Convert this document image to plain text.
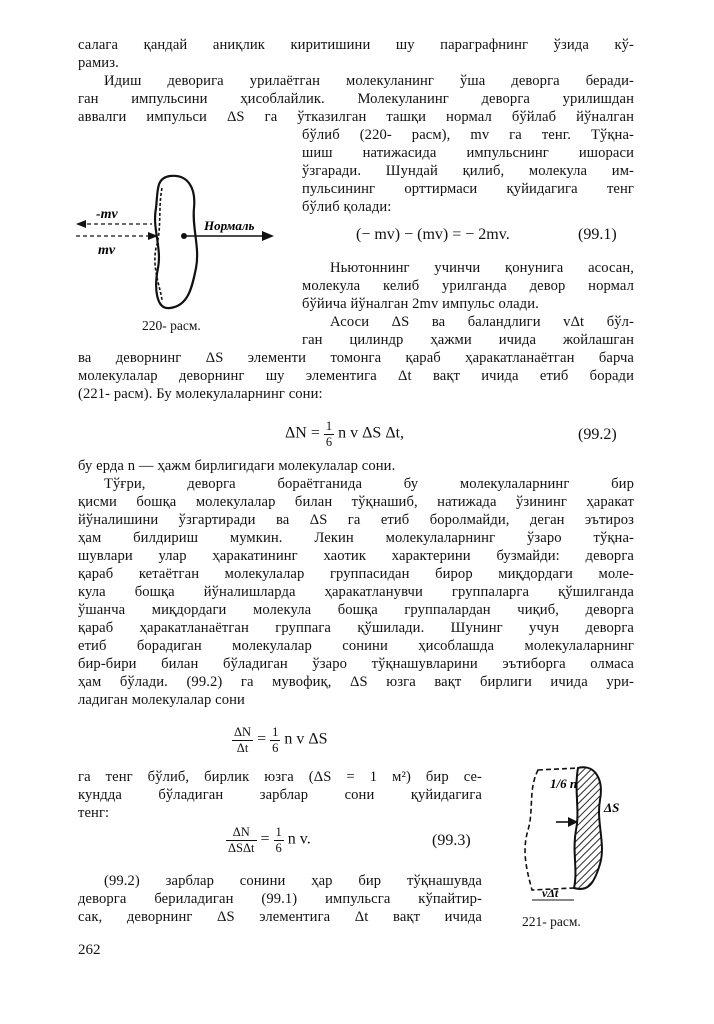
салага қандай аниқлик киритишини шу параграфнинг ўзида кў-
рамиз.
Идиш деворига урилаётган молекуланинг ўша деворга беради-
ган импульсини ҳисоблайлик. Молекуланинг деворга урилишдан
аввалги импульси ΔS га ўтказилган ташқи нормал бўйлаб йўналган
бўлиб (220- расм), mv га тенг. Тўқна-
шиш натижасида импульснинг ишораси
ўзгаради. Шундай қилиб, молекула им-
пульсининг орттирмаси қуйидагига тенг
бўлиб қолади:
(− mv) − (mv) = − 2mv.	(99.1)
Ньютоннинг учинчи қонунига асосан,
молекула келиб урилганда девор нормал
бўйича йўналган 2mv импульс олади.
Асоси ΔS ва баландлиги vΔt бўл-
ган цилиндр ҳажми ичида жойлашган
-mv
mv
Нормаль
220- расм.
ва деворнинг ΔS элементи томонга қараб ҳаракатланаётган барча
молекулалар деворнинг шу элементига Δt вақт ичида етиб боради
(221- расм). Бу молекулаларнинг сони:
$\Delta N = \frac{1}{6}$ n v ΔS Δt,	(99.2)
бу ерда n — ҳажм бирлигидаги молекулалар сони.
Тўғри, деворга бораётганида бу молекулаларнинг бир
қисми бошқа молекулалар билан тўқнашиб, натижада ўзининг ҳаракат
йўналишини ўзгартиради ва ΔS га етиб боролмайди, деган эътироз
ҳам билдириш мумкин. Лекин молекулаларнинг ўзаро тўқна-
шувлари улар ҳаракатининг хаотик характерини бузмайди: деворга
қараб кетаётган молекулалар группасидан бирор миқдордаги моле-
кула бошқа йўналишларда ҳаракатланувчи группаларга қўшилганда
ўшанча миқдордаги молекула бошқа группалардан чиқиб, деворга
қараб ҳаракатланаётган группага қўшилади. Шунинг учун деворга
етиб борадиган молекулалар сонини ҳисоблашда молекулаларнинг
бир-бири билан бўладиган ўзаро тўқнашувларини эътиборга олмаса
ҳам бўлади. (99.2) га мувофиқ, ΔS юзга вақт бирлиги ичида ури-
ладиган молекулалар сони
$\frac{\Delta N}{\Delta t} = \frac{1}{6}$ n v ΔS
га тенг бўлиб, бирлик юзга (ΔS = 1 м²) бир се-
кундда бўладиган зарблар сони қуйидагига
тенг:
$\frac{\Delta N}{\text{ΔSΔt}} = \frac{1}{6}$ n v.	(99.3)
(99.2) зарблар сонини ҳар бир тўқнашувда
деворга бериладиган (99.1) импульсга кўпайтир-
сак, деворнинг ΔS элементига Δt вақт ичида
1/6 n
ΔS
vΔt
221- расм.
262
